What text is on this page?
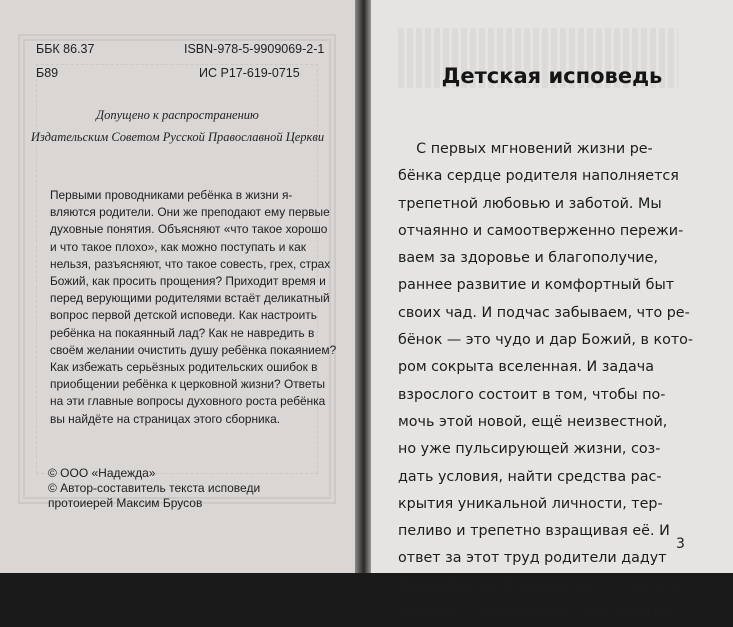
ББК 86.37	ISBN-978-5-9909069-2-1
Б89	ИС Р17-619-0715
Допущено к распространению
Издательским Советом Русской Православной Церкви
Первыми проводниками ребёнка в жизни я-
вляются родители. Они же преподают ему первые
духовные понятия. Объясняют «что такое хорошо
и что такое плохо», как можно поступать и как
нельзя, разъясняют, что такое совесть, грех, страх
Божий, как просить прощения? Приходит время и
перед верующими родителями встаёт деликатный
вопрос первой детской исповеди. Как настроить
ребёнка на покаянный лад? Как не навредить в
своём желании очистить душу ребёнка покаянием?
Как избежать серьёзных родительских ошибок в
приобщении ребёнка к церковной жизни? Ответы
на эти главные вопросы духовного роста ребёнка
вы найдёте на страницах этого сборника.
© ООО «Надежда»
© Автор-составитель текста исповеди
протоиерей Максим Брусов
Детская исповедь
С первых мгновений жизни ре-
бёнка сердце родителя наполняется
трепетной любовью и заботой. Мы
отчаянно и самоотверженно пережи-
ваем за здоровье и благополучие,
раннее развитие и комфортный быт
своих чад. И подчас забываем, что ре-
бёнок — это чудо и дар Божий, в кото-
ром сокрыта вселенная. И задача
взрослого состоит в том, чтобы по-
мочь этой новой, ещё неизвестной,
но уже пульсирующей жизни, соз-
дать условия, найти средства рас-
крытия уникальной личности, тер-
пеливо и трепетно взращивая её. И
ответ за этот труд родители дадут
перед Богом. Спросится и с отца, и с
матери — чем напоили, чем напита-
3
